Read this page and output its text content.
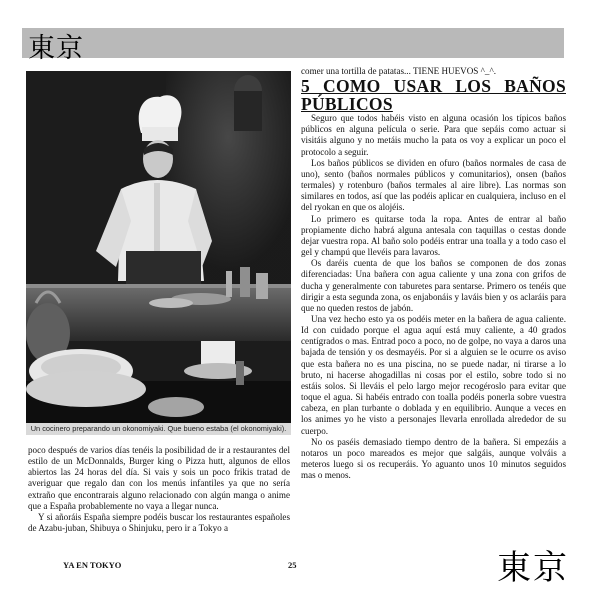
東京
Un cocinero preparando un okonomiyaki. Que bueno estaba (el okonomiyaki).

poco después de varios días tenéis la posibilidad de ir a restaurantes del estilo de un McDonnalds, Burger king o Pizza hutt, algunos de ellos abiertos las 24 horas del día. Si vais y sois un poco frikis tratad de averiguar que regalo dan con los menús infantiles ya que no sería extraño que encontrarais alguno relacionado con algún manga o anime que a España probablemente no vaya a llegar nunca.

Y si añoráis España siempre podéis buscar los restaurantes españoles de Azabu-juban, Shibuya o Shinjuku, pero ir a Tokyo a

comer una tortilla de patatas... TIENE HUEVOS ^_^.

5 COMO USAR LOS BAÑOS PÚBLICOS

Seguro que todos habéis visto en alguna ocasión los típicos baños públicos en alguna película o serie. Para que sepáis como actuar si visitáis alguno y no metáis mucho la pata os voy a explicar un poco el protocolo a seguir.

Los baños públicos se dividen en ofuro (baños normales de casa de uno), sento (baños normales públicos y comunitarios), onsen (baños termales) y rotenburo (baños termales al aire libre). Las normas son similares en todos, así que las podéis aplicar en cualquiera, incluso en el del ryokan en que os alojéis.

Lo primero es quitarse toda la ropa. Antes de entrar al baño propiamente dicho habrá alguna antesala con taquillas o cestas donde dejar vuestra ropa. Al baño solo podéis entrar una toalla y a todo caso el gel y champú que llevéis para lavaros.

Os daréis cuenta de que los baños se componen de dos zonas diferenciadas: Una bañera con agua caliente y una zona con grifos de ducha y generalmente con taburetes para sentarse. Primero os tenéis que dirigir a esta segunda zona, os enjabonáis y laváis bien y os aclaráis para que no queden restos de jabón.

Una vez hecho esto ya os podéis meter en la bañera de agua caliente. Id con cuidado porque el agua aquí está muy caliente, a 40 grados centígrados o mas. Entrad poco a poco, no de golpe, no vaya a daros una bajada de tensión y os desmayéis. Por si a alguien se le ocurre os aviso que esta bañera no es una piscina, no se puede nadar, ni tirarse a lo bruto, ni hacerse ahogadillas ni cosas por el estilo, sobre todo si no estáis solos. Si lleváis el pelo largo mejor recogéroslo para evitar que toque el agua. Si habéis entrado con toalla podéis ponerla sobre vuestra cabeza, en plan turbante o doblada y en equilibrio. Aunque a veces en los animes yo he visto a personajes llevarla enrollada alrededor de su cuerpo.

No os paséis demasiado tiempo dentro de la bañera. Si empezáis a notaros un poco mareados es mejor que salgáis, aunque volváis a meteros luego si os recuperáis. Yo aguanto unos 10 minutos seguidos mas o menos.

YA EN TOKYO	25	東京
